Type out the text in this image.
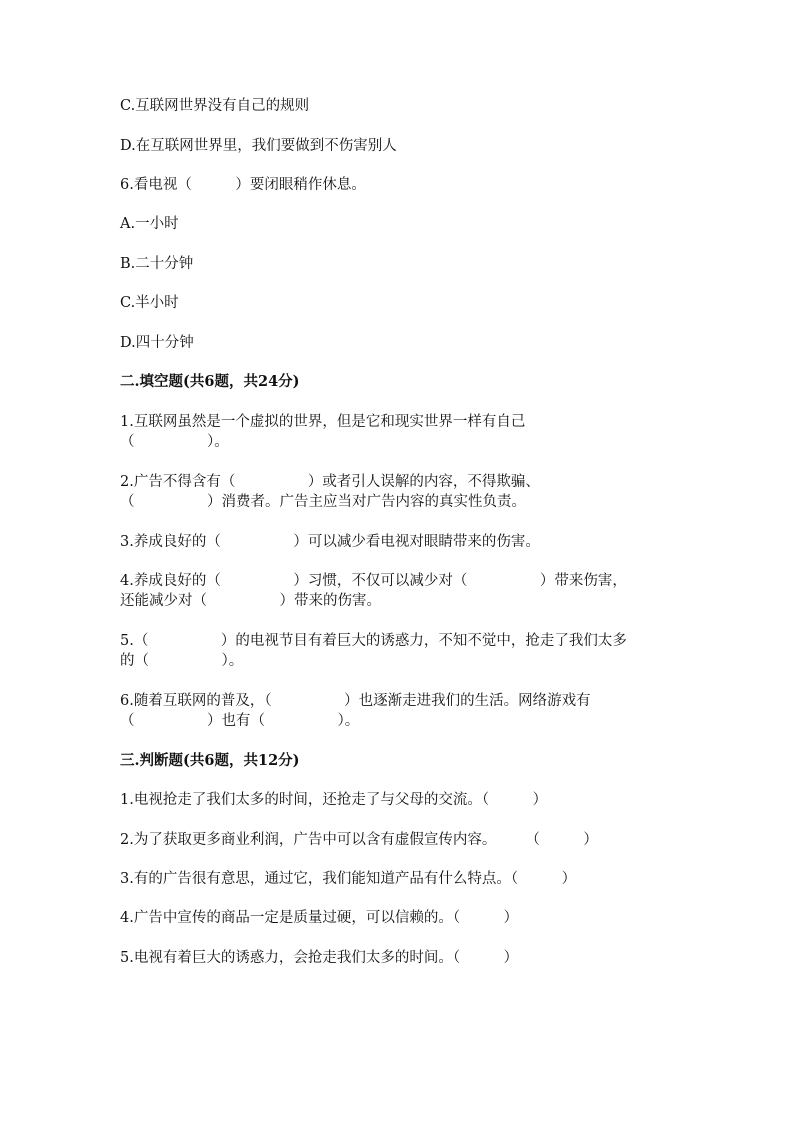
C.互联网世界没有自己的规则
D.在互联网世界里，我们要做到不伤害别人
6.看电视（　　　）要闭眼稍作休息。
A.一小时
B.二十分钟
C.半小时
D.四十分钟
二.填空题(共6题，共24分)
1.互联网虽然是一个虚拟的世界，但是它和现实世界一样有自己
（　　　　　）。
2.广告不得含有（　　　　　）或者引人误解的内容，不得欺骗、
（　　　　　）消费者。广告主应当对广告内容的真实性负责。
3.养成良好的（　　　　　）可以减少看电视对眼睛带来的伤害。
4.养成良好的（　　　　　）习惯，不仅可以减少对（　　　　　）带来伤害，
还能减少对（　　　　　）带来的伤害。
5.（　　　　　）的电视节目有着巨大的诱惑力，不知不觉中，抢走了我们太多
的（　　　　　）。
6.随着互联网的普及，（　　　　　）也逐渐走进我们的生活。网络游戏有
（　　　　　）也有（　　　　　）。
三.判断题(共6题，共12分)
1.电视抢走了我们太多的时间，还抢走了与父母的交流。（　　　）
2.为了获取更多商业利润，广告中可以含有虚假宣传内容。　　　（　　　）
3.有的广告很有意思，通过它，我们能知道产品有什么特点。（　　　）
4.广告中宣传的商品一定是质量过硬，可以信赖的。（　　　）
5.电视有着巨大的诱惑力，会抢走我们太多的时间。（　　　）
